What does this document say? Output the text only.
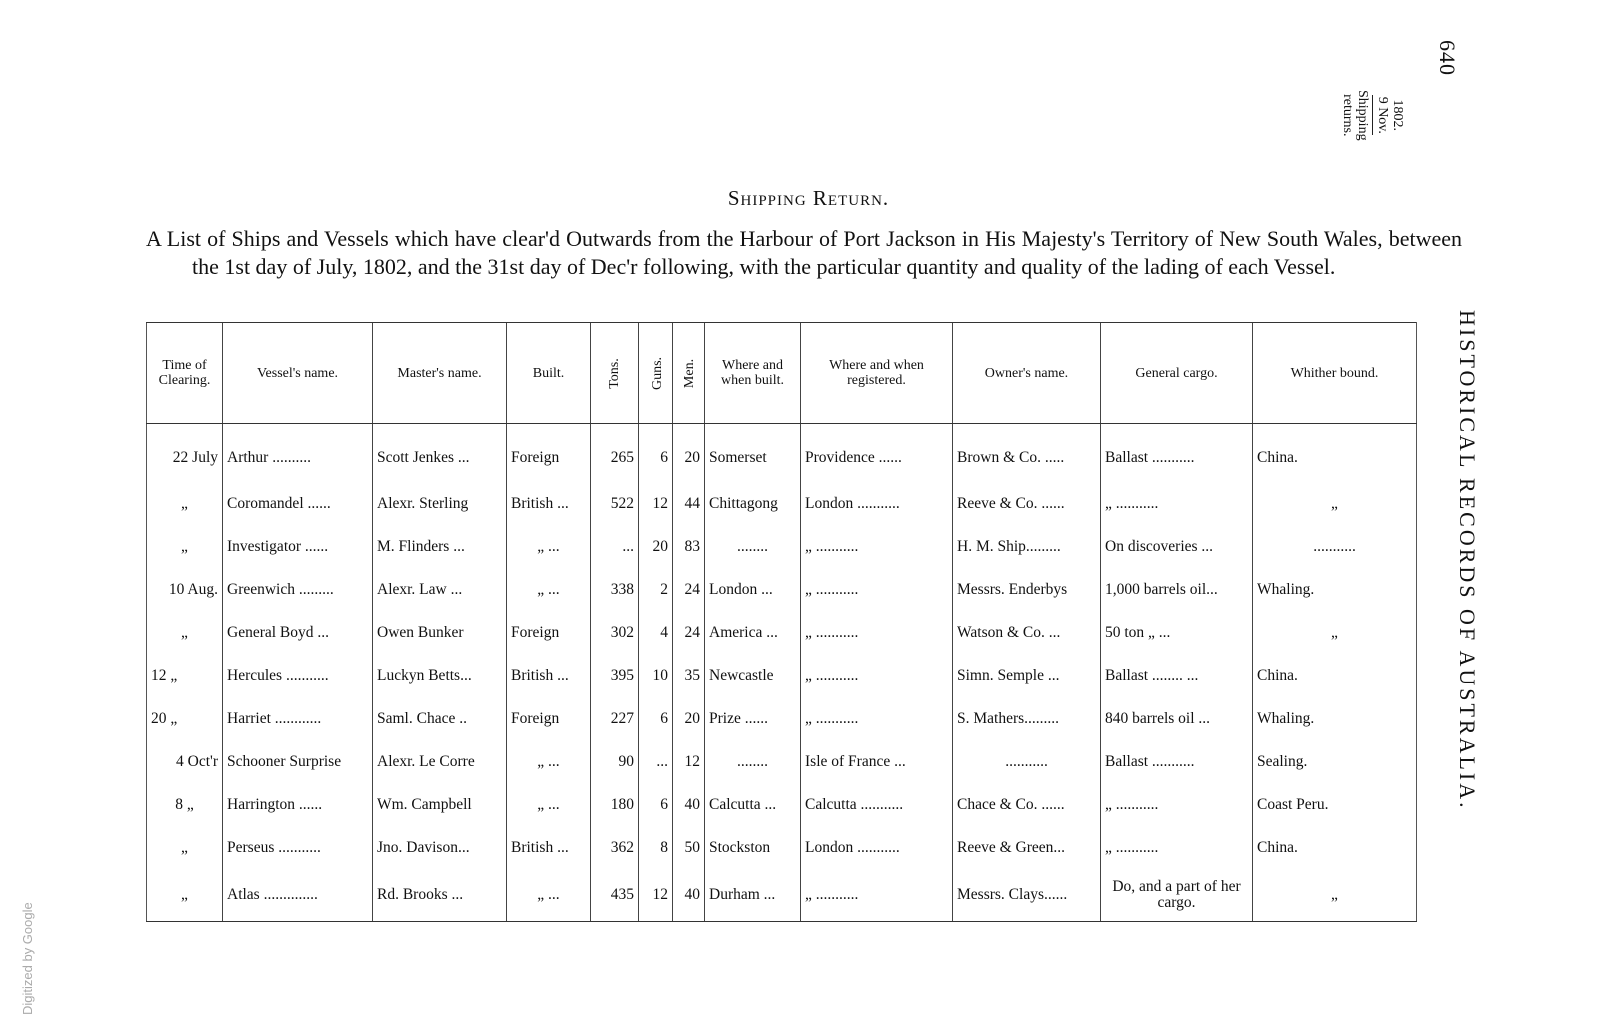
640
1802.
9 Nov.
Shipping
returns.
HISTORICAL RECORDS OF AUSTRALIA.
Digitized by Google
Shipping Return.
A List of Ships and Vessels which have clear'd Outwards from the Harbour of Port Jackson in His Majesty's Territory of New South Wales, between the 1st day of July, 1802, and the 31st day of Dec'r following, with the particular quantity and quality of the lading of each Vessel.
Time of Clearing.	Vessel's name.	Master's name.	Built.	Tons.	Guns.	Men.	Where and when built.	Where and when registered.	Owner's name.	General cargo.	Whither bound.
22 July	Arthur ..........	Scott Jenkes ...	Foreign	265	6	20	Somerset	Providence ......	Brown & Co. .....	Ballast ...........	China.
„	Coromandel ......	Alexr. Sterling	British ...	522	12	44	Chittagong	London ...........	Reeve & Co. ......	„ ...........	„
„	Investigator ......	M. Flinders ...	„ ...	...	20	83	........	„ ...........	H. M. Ship.........	On discoveries ...	...........
10 Aug.	Greenwich .........	Alexr. Law ...	„ ...	338	2	24	London ...	„ ...........	Messrs. Enderbys	1,000 barrels oil...	Whaling.
„	General Boyd ...	Owen Bunker	Foreign	302	4	24	America ...	„ ...........	Watson & Co. ...	50 ton „ ...	„
12 „	Hercules ...........	Luckyn Betts...	British ...	395	10	35	Newcastle	„ ...........	Simn. Semple ...	Ballast ........ ...	China.
20 „	Harriet ............	Saml. Chace ..	Foreign	227	6	20	Prize ......	„ ...........	S. Mathers.........	840 barrels oil ...	Whaling.
4 Oct'r	Schooner Surprise	Alexr. Le Corre	„ ...	90	...	12	........	Isle of France ...	...........	Ballast ...........	Sealing.
8 „	Harrington ......	Wm. Campbell	„ ...	180	6	40	Calcutta ...	Calcutta ...........	Chace & Co. ......	„ ...........	Coast Peru.
„	Perseus ...........	Jno. Davison...	British ...	362	8	50	Stockston	London ...........	Reeve & Green...	„ ...........	China.
„	Atlas ..............	Rd. Brooks ...	„ ...	435	12	40	Durham ...	„ ...........	Messrs. Clays......	Do, and a part of her cargo.	„
